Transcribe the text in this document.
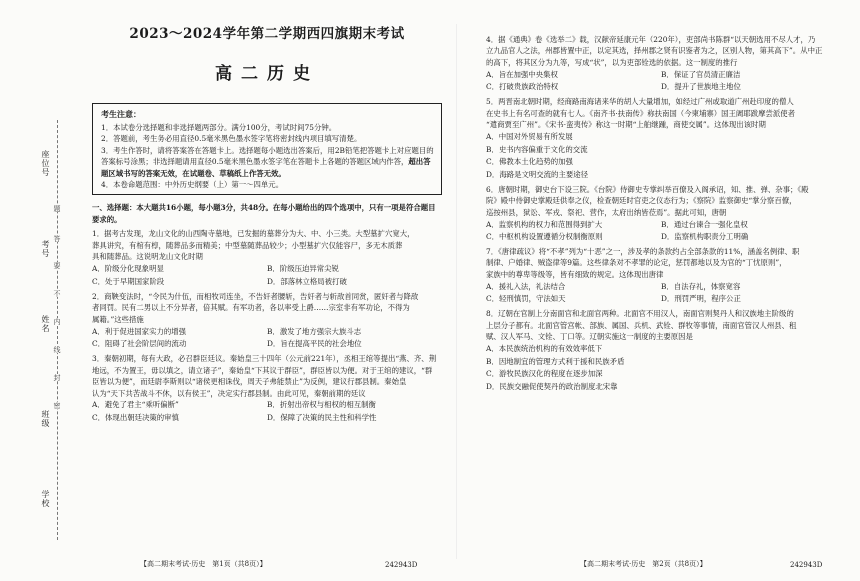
座位号
考号
姓名
班级
学校
题
答
要
不
内
线
封
密
2023～2024学年第二学期西四旗期末考试
高二历史
考生注意：

1．本试卷分选择题和非选择题两部分。满分100分，考试时间75分钟。

2．答题前，考生务必用直径0.5毫米黑色墨水签字笔将密封线内项目填写清楚。

3．考生作答时，请将答案答在答题卡上。选择题每小题选出答案后，用2B铅笔把答题卡上对应题目的答案标号涂黑；非选择题请用直径0.5毫米黑色墨水签字笔在答题卡上各题的答题区域内作答，超出答题区域书写的答案无效，在试题卷、草稿纸上作答无效。

4．本卷命题范围：中外历史纲要（上）第一～四单元。

一、选择题：本大题共16小题，每小题3分，共48分。在每小题给出的四个选项中，只有一项是符合题目要求的。

1．据考古发现，龙山文化的山西陶寺墓地，已发掘的墓葬分为大、中、小三类。大型墓扩穴宽大，

葬具讲究，有棺有椁，随葬品多而精美；中型墓随葬品较少；小型墓扩穴仅能容尸，多无木质葬

具和随葬品。这说明龙山文化时期

A．阶级分化现象明显	B．阶级压迫异常尖锐
C．处于早期国家阶段	D．部落林立格局被打破

2．商鞅变法时，“令民为什伍，而相牧司连坐，不告奸者腰斩，告奸者与斩敌首同赏，匿奸者与降敌

者同罚。民有二男以上不分异者，倍其赋。有军功者，各以率受上爵……宗室非有军功论，不得为

属籍。”这些措施

A．利于促进国家实力的增强	B．激发了地方强宗大族斗志
C．阻碍了社会阶层间的流动	D．旨在提高平民的社会地位

3．秦朝初期，每有大政，必召群臣廷议。秦始皇三十四年（公元前221年），丞相王绾等提出“燕、齐、荆

地远，不为置王，毋以填之，请立诸子”，秦始皇“下其议于群臣”，群臣皆以为便。对于王绾的建议，“群

臣皆以为便”，而廷尉李斯则以“诸侯更相诛伐，周天子弗能禁止”为反例，建议行郡县制。秦始皇

认为“天下共苦战斗不休，以有侯王”，决定实行郡县制。由此可见，秦朝前期的廷议

A．避免了君主“乘听偏断”	B．折射出帝权与相权的相互制衡
C．体现出朝廷决策的审慎	D．保障了决策的民主性和科学性

4．据《通典》卷《选举二》载，汉献帝延康元年（220年），吏部尚书陈群“以天朝选用不尽人才，乃

立九品官人之法，州郡皆置中正，以定其选，择州郡之贤有识鉴者为之，区别人物，第其高下”。从中正

的高下，将其区分为九等，写成“状”，以为吏部铨选的依据。这一制度的推行

A．旨在加强中央集权	B．保证了官员清正廉洁
C．打破贵族政治特权	D．提升了世族地主地位

5．两晋南北朝时期，经商路南海诸来华的胡人大量增加，如经过广州或取道广州赴印度的僧人

在史书上有名可查的就有七人。《南齐书·扶南传》称扶南国（今柬埔寨）国王阇耶跋摩尝派使者

“遣商贾至广州”。《宋书·蛮夷传》称这一时期“上舶继踵，商使交属”。这体现出该时期

A．中国对外贸易有所发展
B．史书内容偏重于文化的交流
C．佛教本土化趋势的加强
D．海路是文明交流的主要途径

6．唐朝时期，御史台下设三院。《台院》侍御史专掌纠举百僚及入阁承诏，知、推、弹、杂事；《殿

院》殿中侍御史掌殿廷供奉之仪，检查朝廷时官吏之仪态行为；《察院》监察御史“掌分察百僚，

巡按州县，狱讼、军戎、祭祀、营作，太府出纳皆莅焉”。据此可知，唐朝

A．监察机构的权力和范围得到扩大	B．通过台谏合一强化皇权
C．中枢机构设置遵循分权制衡原则	D．监察机构职责分工明确

7．《唐律疏议》将“不孝”列为“十恶”之一，涉及孝的条款约占全部条款的11%，涵盖名例律、职

制律、户婚律、贼盗律等9篇。这些律条对不孝罪的论定，惩罚都地以及为官的“丁忧原则”，

家族中的尊卑等级等，皆有细致的规定。这体现出唐律

A．援礼入法，礼法结合	B．自法存礼，体察宽容
C．轻刑慎罚，守法如天	D．刑罚严明，程序公正

8．辽朝在官制上分南面官和北面官两种。北面官不用汉人，南面官则契丹人和汉族地主阶级的

上层分子都有。北面官管宫帐、部族、属国、兵机、武铨、群牧等事情，南面官管汉人州县、租

赋、汉人军马、文铨、丁口等。辽朝实施这一制度的主要原因是

A．本民族统治机构的有效效率低下
B．因地制宜的管理方式利于援和民族矛盾
C．游牧民族汉化的程度在逐步加深
D．民族交融促使契丹的政治制度北宋靠
【高二期末考试·历史　第1页（共8页）】	242943D	【高二期末考试·历史　第2页（共8页）】	242943D
